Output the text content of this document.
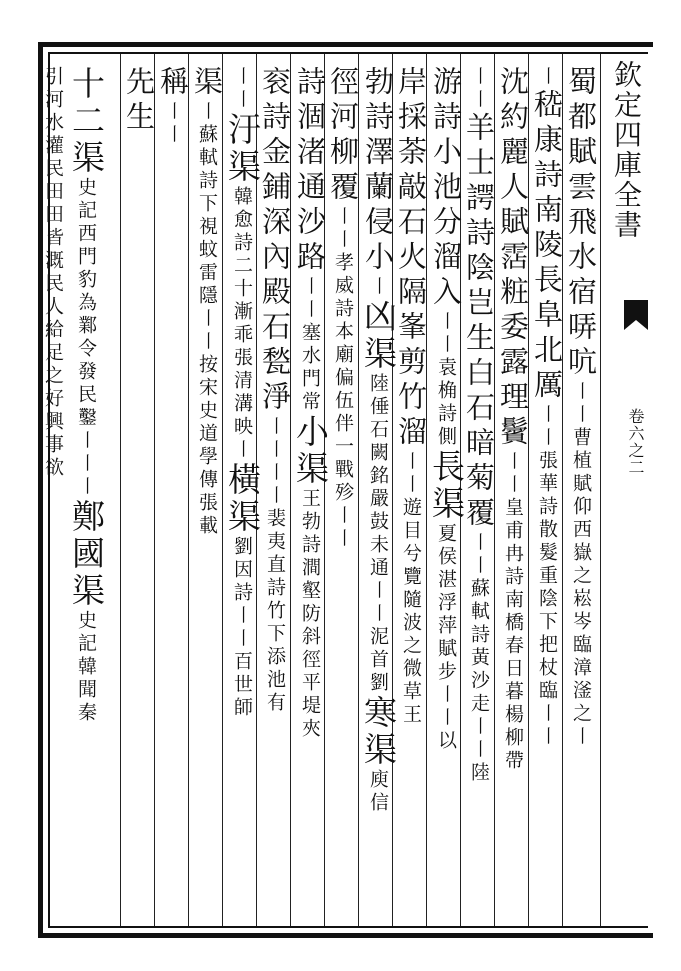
欽定四庫全書
卷六之二
蜀都賦雲飛水宿哢吭〡〡曹植賦仰西嶽之崧岑臨漳滏之〡
〡嵇康詩南陵長阜北厲〡〡張華詩散髮重陰下把杖臨〡〡
沈約麗人賦霑粧委露理鬢〡〡皇甫冉詩南橋春日暮楊柳帶
〡〡羊士諤詩陰岂生白石暗菊覆〡〡蘇軾詩黃沙走〡〡陸
游詩小池分溜入〡〡袁桷詩側長渠夏侯湛浮萍賦步〡〡以
岸採荼敲石火隔峯剪竹溜〡〡遊目兮覽隨波之微草王
勃詩澤蘭侵小〡凶渠陸倕石闕銘嚴鼓未通〡〡泥首劉寒渠庾信
徑河柳覆〡〡孝威詩本廟偏伍伴一戰殄〡〡
詩涸渚通沙路〡〡塞水門常小渠王勃詩澗壑防斜徑平堤夾
衮詩金鋪深內殿石甃淨〡〡〡〡裴夷直詩竹下添池有
〡〡汙渠韓愈詩二十漸乖張清溝映〡橫渠劉因詩〡〡百世師
渠〡蘇軾詩下視蚊雷隱〡〡按宋史道學傳張載
稱〡〡
先生
十二渠史記西門豹為鄴令發民鑿〡〡〡鄭國渠史記韓聞秦
引河水灌民田田皆溉民人給足之好興事欲
